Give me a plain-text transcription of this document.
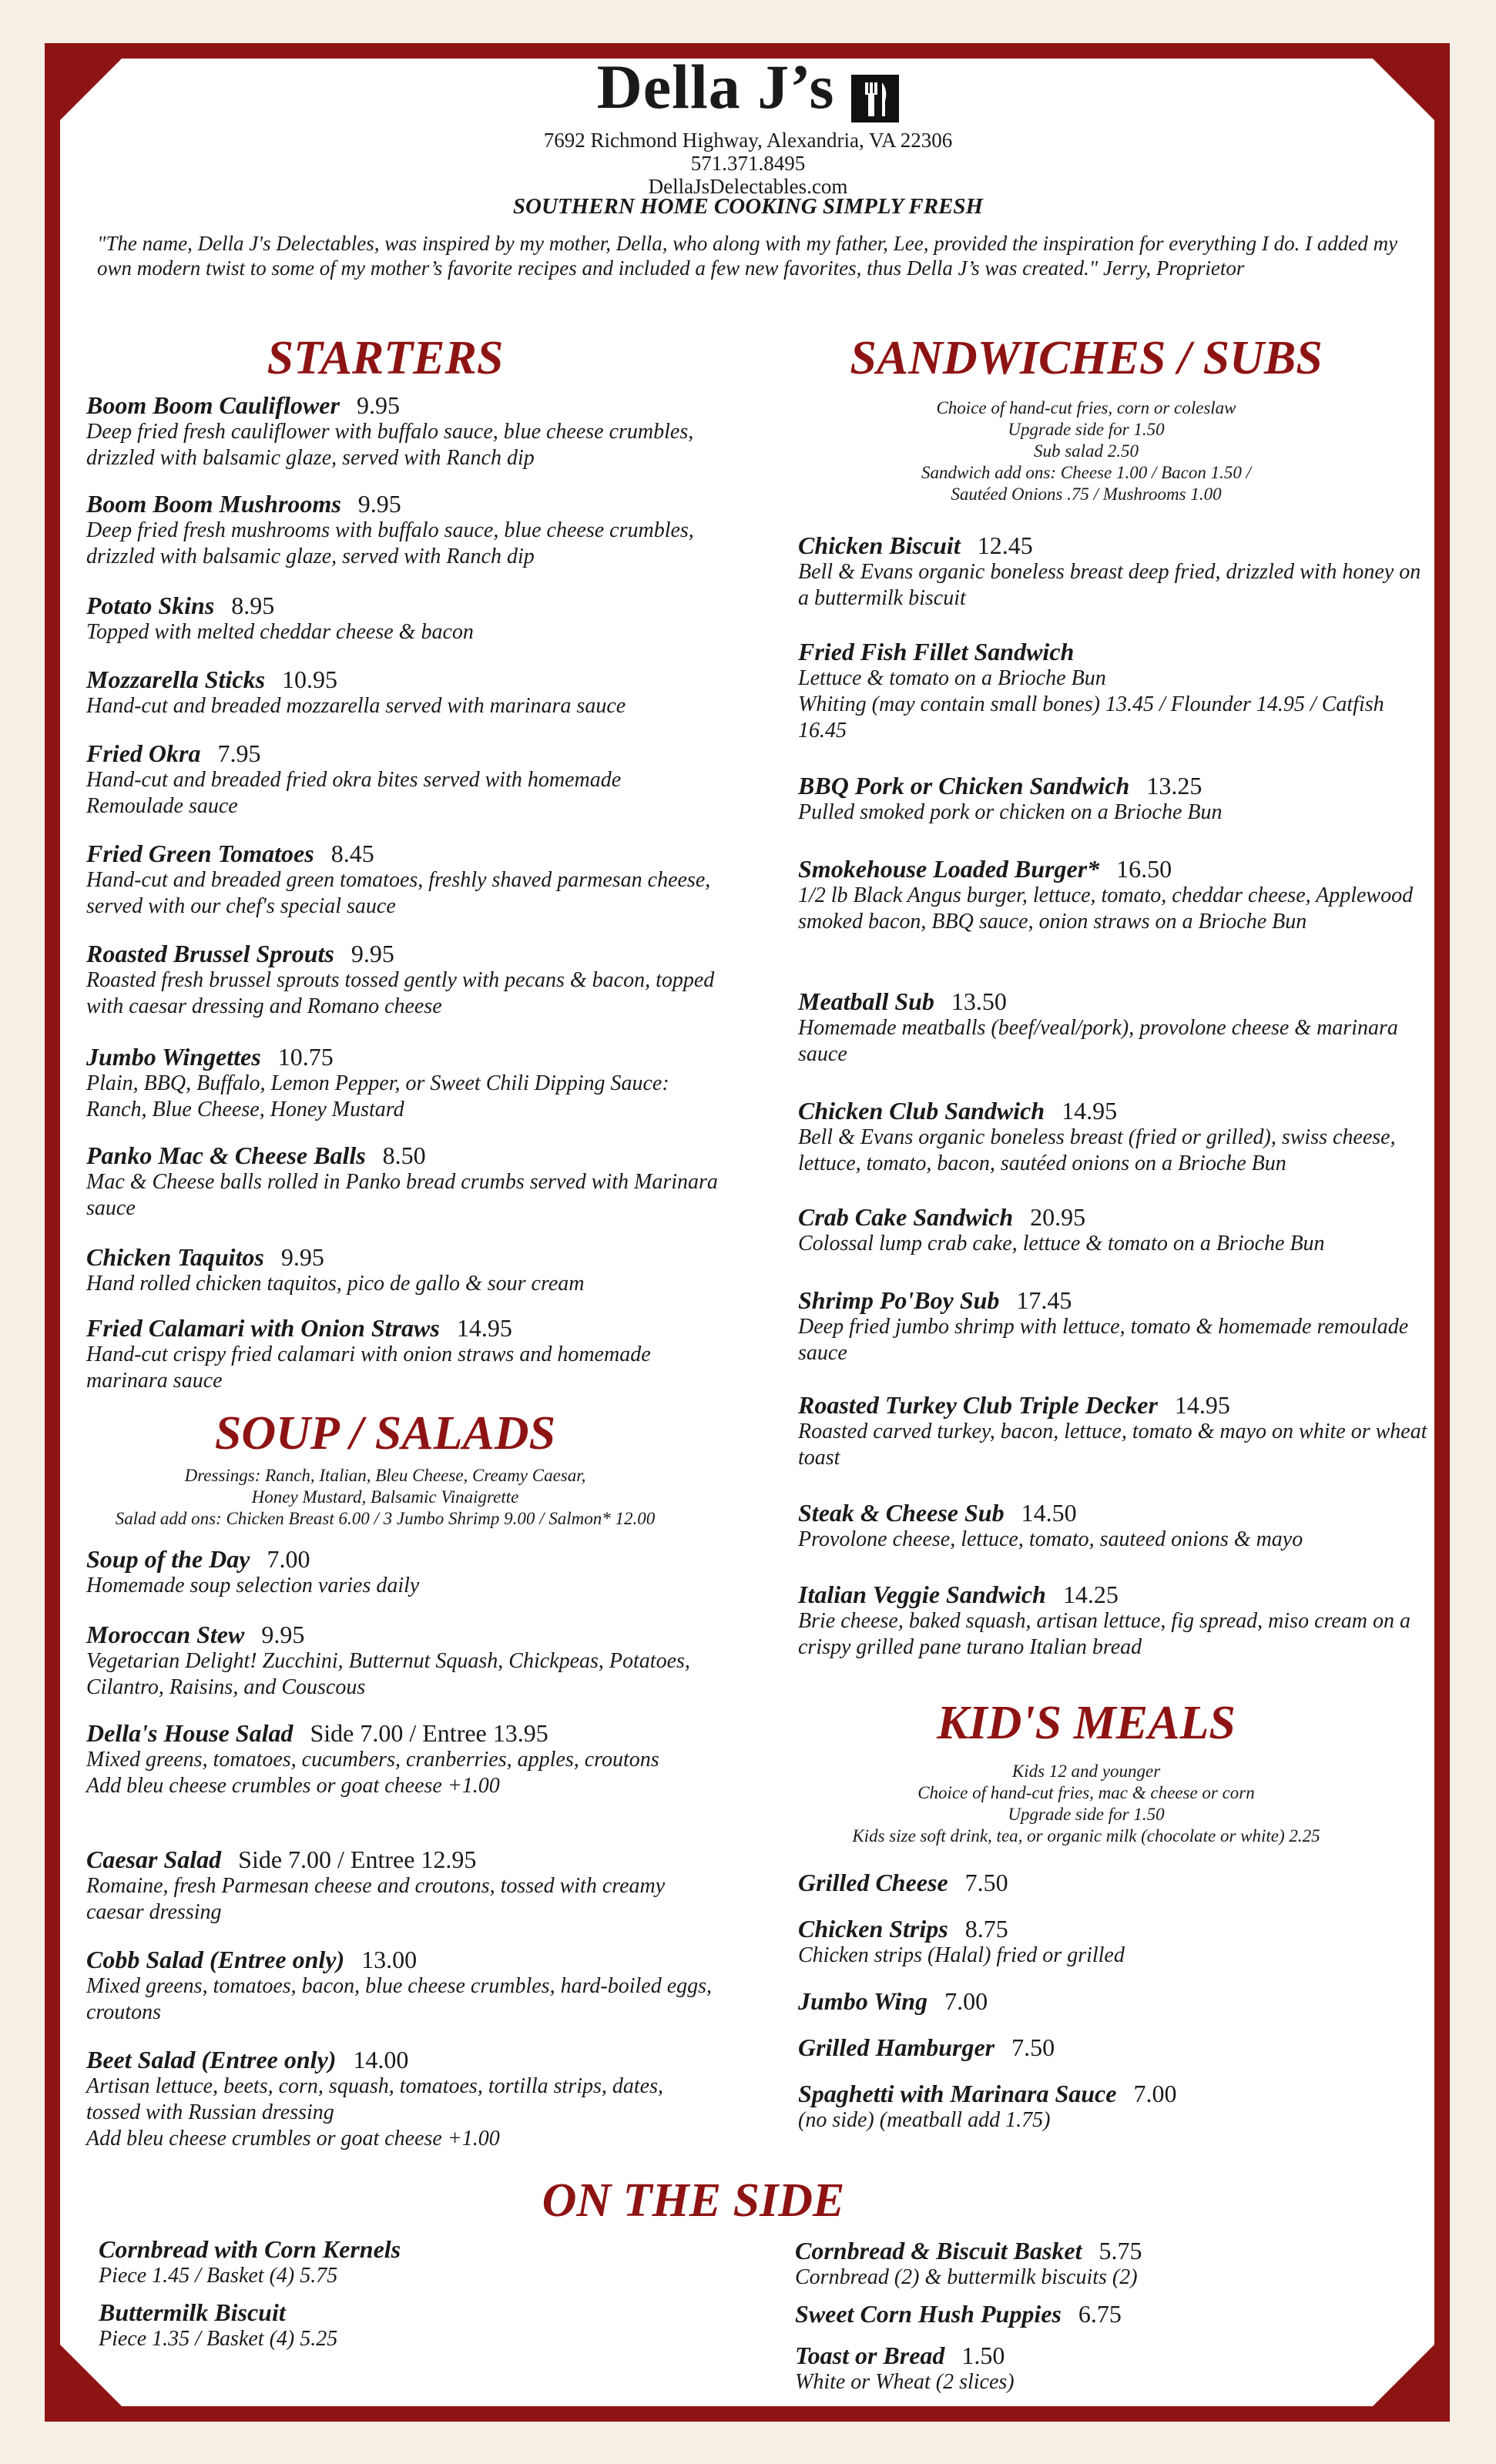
Della J’s
7692 Richmond Highway, Alexandria, VA 22306
571.371.8495
DellaJsDelectables.com
SOUTHERN HOME COOKING SIMPLY FRESH
"The name, Della J's Delectables, was inspired by my mother, Della, who along with my father, Lee, provided the inspiration for everything I do. I added my own modern twist to some of my mother’s favorite recipes and included a few new favorites, thus Della J’s was created." Jerry, Proprietor
STARTERS
Boom Boom Cauliflower 9.95
Deep fried fresh cauliflower with buffalo sauce, blue cheese crumbles, drizzled with balsamic glaze, served with Ranch dip
Boom Boom Mushrooms 9.95
Deep fried fresh mushrooms with buffalo sauce, blue cheese crumbles, drizzled with balsamic glaze, served with Ranch dip
Potato Skins 8.95
Topped with melted cheddar cheese & bacon
Mozzarella Sticks 10.95
Hand-cut and breaded mozzarella served with marinara sauce
Fried Okra 7.95
Hand-cut and breaded fried okra bites served with homemade Remoulade sauce
Fried Green Tomatoes 8.45
Hand-cut and breaded green tomatoes, freshly shaved parmesan cheese, served with our chef's special sauce
Roasted Brussel Sprouts 9.95
Roasted fresh brussel sprouts tossed gently with pecans & bacon, topped with caesar dressing and Romano cheese
Jumbo Wingettes 10.75
Plain, BBQ, Buffalo, Lemon Pepper, or Sweet Chili Dipping Sauce: Ranch, Blue Cheese, Honey Mustard
Panko Mac & Cheese Balls 8.50
Mac & Cheese balls rolled in Panko bread crumbs served with Marinara sauce
Chicken Taquitos 9.95
Hand rolled chicken taquitos, pico de gallo & sour cream
Fried Calamari with Onion Straws 14.95
Hand-cut crispy fried calamari with onion straws and homemade marinara sauce
SOUP / SALADS
Dressings: Ranch, Italian, Bleu Cheese, Creamy Caesar,
Honey Mustard, Balsamic Vinaigrette
Salad add ons: Chicken Breast 6.00 / 3 Jumbo Shrimp 9.00 / Salmon* 12.00
Soup of the Day 7.00
Homemade soup selection varies daily
Moroccan Stew 9.95
Vegetarian Delight! Zucchini, Butternut Squash, Chickpeas, Potatoes, Cilantro, Raisins, and Couscous
Della's House Salad Side 7.00 / Entree 13.95
Mixed greens, tomatoes, cucumbers, cranberries, apples, croutons
Add bleu cheese crumbles or goat cheese +1.00
Caesar Salad Side 7.00 / Entree 12.95
Romaine, fresh Parmesan cheese and croutons, tossed with creamy caesar dressing
Cobb Salad (Entree only) 13.00
Mixed greens, tomatoes, bacon, blue cheese crumbles, hard-boiled eggs, croutons
Beet Salad (Entree only) 14.00
Artisan lettuce, beets, corn, squash, tomatoes, tortilla strips, dates, tossed with Russian dressing
Add bleu cheese crumbles or goat cheese +1.00
SANDWICHES / SUBS
Choice of hand-cut fries, corn or coleslaw
Upgrade side for 1.50
Sub salad 2.50
Sandwich add ons: Cheese 1.00 / Bacon 1.50 /
Sautéed Onions .75 / Mushrooms 1.00
Chicken Biscuit 12.45
Bell & Evans organic boneless breast deep fried, drizzled with honey on a buttermilk biscuit
Fried Fish Fillet Sandwich
Lettuce & tomato on a Brioche Bun
Whiting (may contain small bones) 13.45 / Flounder 14.95 / Catfish 16.45
BBQ Pork or Chicken Sandwich 13.25
Pulled smoked pork or chicken on a Brioche Bun
Smokehouse Loaded Burger* 16.50
1/2 lb Black Angus burger, lettuce, tomato, cheddar cheese, Applewood smoked bacon, BBQ sauce, onion straws on a Brioche Bun
Meatball Sub 13.50
Homemade meatballs (beef/veal/pork), provolone cheese & marinara sauce
Chicken Club Sandwich 14.95
Bell & Evans organic boneless breast (fried or grilled), swiss cheese, lettuce, tomato, bacon, sautéed onions on a Brioche Bun
Crab Cake Sandwich 20.95
Colossal lump crab cake, lettuce & tomato on a Brioche Bun
Shrimp Po'Boy Sub 17.45
Deep fried jumbo shrimp with lettuce, tomato & homemade remoulade sauce
Roasted Turkey Club Triple Decker 14.95
Roasted carved turkey, bacon, lettuce, tomato & mayo on white or wheat toast
Steak & Cheese Sub 14.50
Provolone cheese, lettuce, tomato, sauteed onions & mayo
Italian Veggie Sandwich 14.25
Brie cheese, baked squash, artisan lettuce, fig spread, miso cream on a crispy grilled pane turano Italian bread
KID'S MEALS
Kids 12 and younger
Choice of hand-cut fries, mac & cheese or corn
Upgrade side for 1.50
Kids size soft drink, tea, or organic milk (chocolate or white) 2.25
Grilled Cheese 7.50
Chicken Strips 8.75
Chicken strips (Halal) fried or grilled
Jumbo Wing 7.00
Grilled Hamburger 7.50
Spaghetti with Marinara Sauce 7.00
(no side) (meatball add 1.75)
ON THE SIDE
Cornbread with Corn Kernels
Piece 1.45 / Basket (4) 5.75
Buttermilk Biscuit
Piece 1.35 / Basket (4) 5.25
Cornbread & Biscuit Basket 5.75
Cornbread (2) & buttermilk biscuits (2)
Sweet Corn Hush Puppies 6.75
Toast or Bread 1.50
White or Wheat (2 slices)
